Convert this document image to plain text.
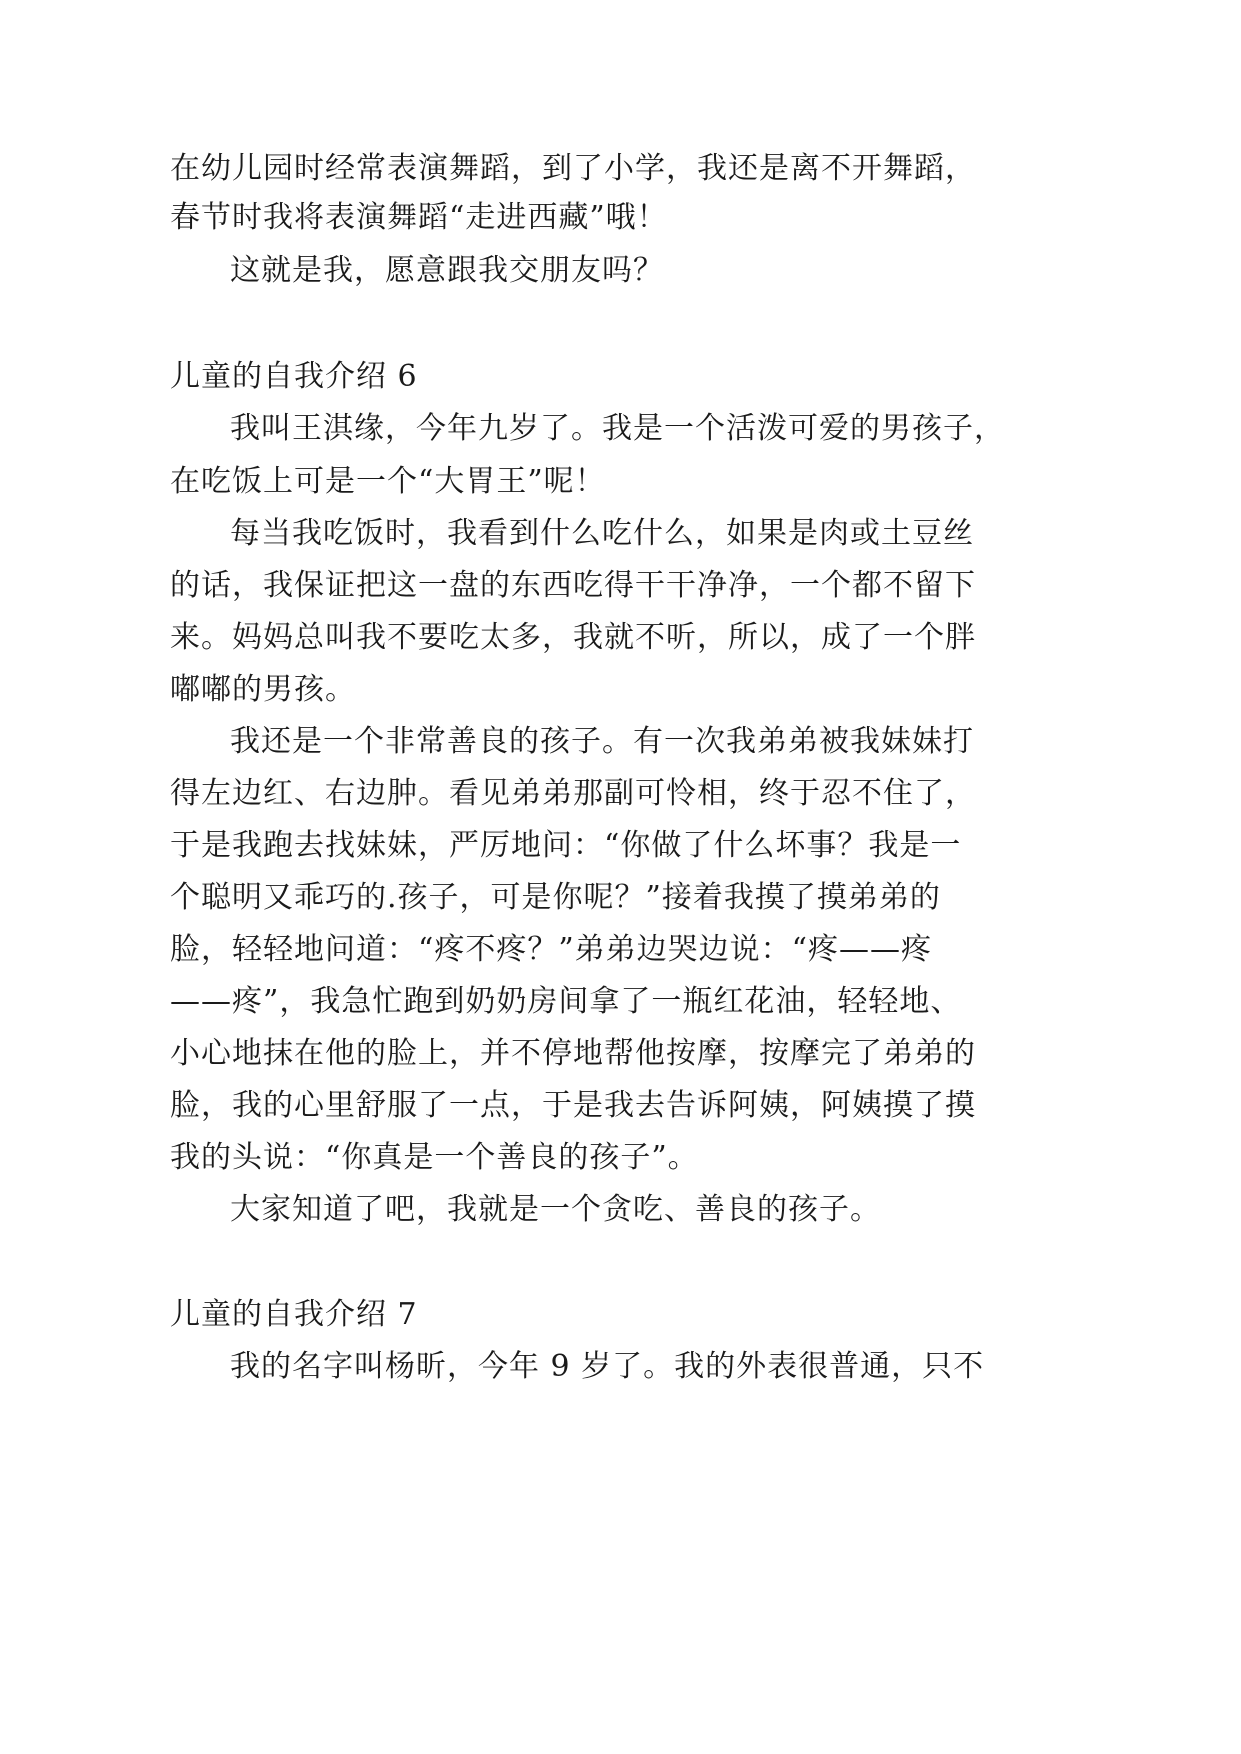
在幼儿园时经常表演舞蹈，到了小学，我还是离不开舞蹈，
春节时我将表演舞蹈“走进西藏”哦！
这就是我，愿意跟我交朋友吗？
儿童的自我介绍 6
我叫王淇缘，今年九岁了。我是一个活泼可爱的男孩子，
在吃饭上可是一个“大胃王”呢！
每当我吃饭时，我看到什么吃什么，如果是肉或土豆丝
的话，我保证把这一盘的东西吃得干干净净，一个都不留下
来。妈妈总叫我不要吃太多，我就不听，所以，成了一个胖
嘟嘟的男孩。
我还是一个非常善良的孩子。有一次我弟弟被我妹妹打
得左边红、右边肿。看见弟弟那副可怜相，终于忍不住了，
于是我跑去找妹妹，严厉地问：“你做了什么坏事？我是一
个聪明又乖巧的.孩子，可是你呢？”接着我摸了摸弟弟的
脸，轻轻地问道：“疼不疼？”弟弟边哭边说：“疼——疼
——疼”，我急忙跑到奶奶房间拿了一瓶红花油，轻轻地、
小心地抹在他的脸上，并不停地帮他按摩，按摩完了弟弟的
脸，我的心里舒服了一点，于是我去告诉阿姨，阿姨摸了摸
我的头说：“你真是一个善良的孩子”。
大家知道了吧，我就是一个贪吃、善良的孩子。
儿童的自我介绍 7
我的名字叫杨昕，今年 9 岁了。我的外表很普通，只不
